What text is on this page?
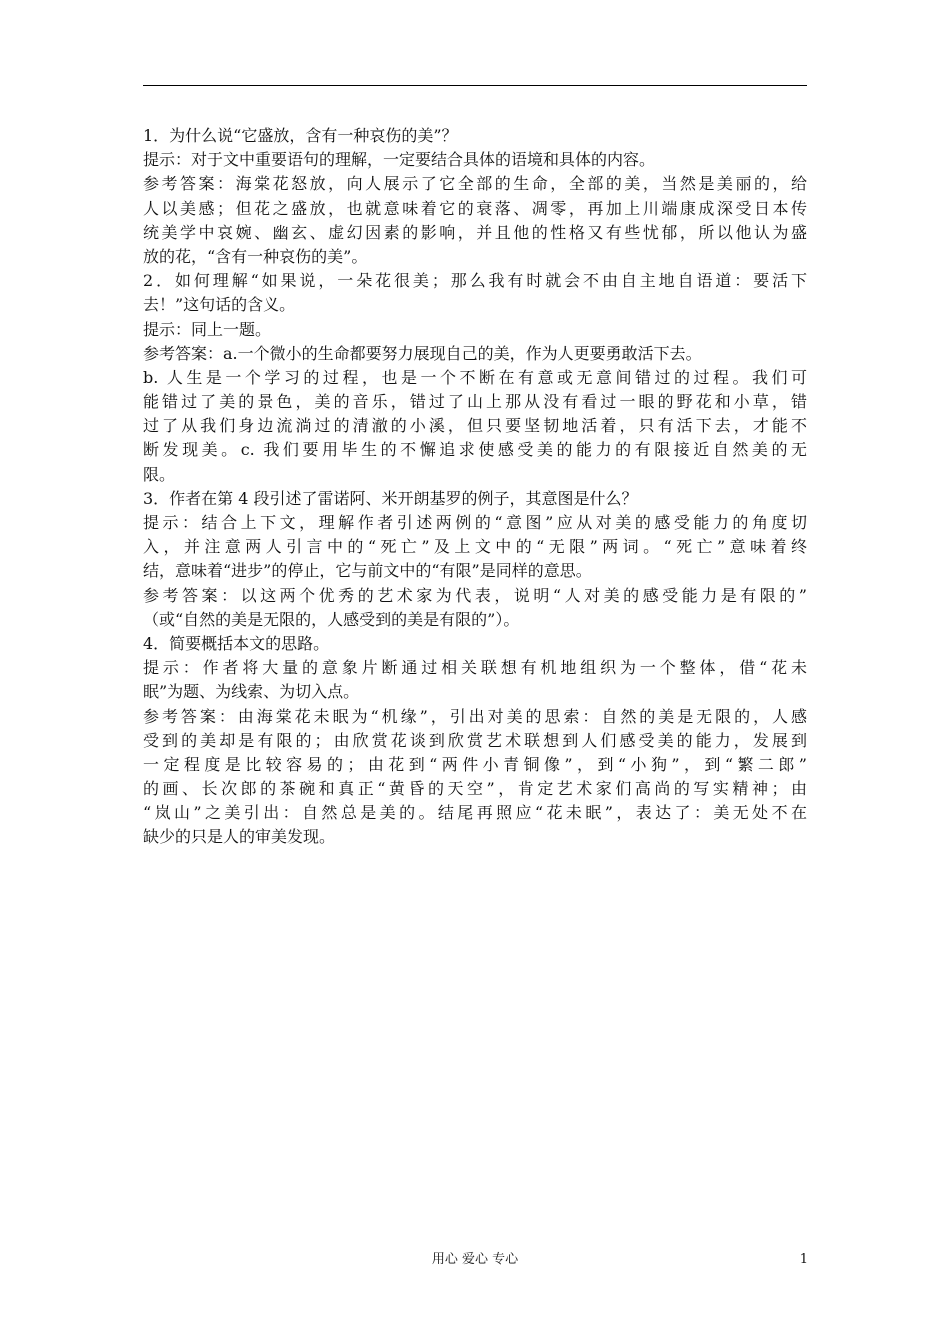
1．为什么说“它盛放，含有一种哀伤的美”？
提示：对于文中重要语句的理解，一定要结合具体的语境和具体的内容。
参考答案：海棠花怒放，向人展示了它全部的生命，全部的美，当然是美丽的，给
人以美感；但花之盛放，也就意味着它的衰落、凋零，再加上川端康成深受日本传
统美学中哀婉、幽玄、虚幻因素的影响，并且他的性格又有些忧郁，所以他认为盛
放的花，“含有一种哀伤的美”。
2．如何理解“如果说，一朵花很美；那么我有时就会不由自主地自语道：要活下
去！”这句话的含义。
提示：同上一题。
参考答案：a.一个微小的生命都要努力展现自己的美，作为人更要勇敢活下去。
b. 人生是一个学习的过程，也是一个不断在有意或无意间错过的过程。我们可
能错过了美的景色，美的音乐，错过了山上那从没有看过一眼的野花和小草，错
过了从我们身边流淌过的清澈的小溪，但只要坚韧地活着，只有活下去，才能不
断发现美。c. 我们要用毕生的不懈追求使感受美的能力的有限接近自然美的无
限。
3．作者在第 4 段引述了雷诺阿、米开朗基罗的例子，其意图是什么？
提示：结合上下文，理解作者引述两例的“意图”应从对美的感受能力的角度切
入，并注意两人引言中的“死亡”及上文中的“无限”两词。“死亡”意味着终
结，意味着“进步”的停止，它与前文中的“有限”是同样的意思。
参考答案：以这两个优秀的艺术家为代表，说明“人对美的感受能力是有限的”
（或“自然的美是无限的，人感受到的美是有限的”）。
4．简要概括本文的思路。
提示：作者将大量的意象片断通过相关联想有机地组织为一个整体，借“花未
眠”为题、为线索、为切入点。
参考答案：由海棠花未眠为“机缘”，引出对美的思索：自然的美是无限的，人感
受到的美却是有限的；由欣赏花谈到欣赏艺术联想到人们感受美的能力，发展到
一定程度是比较容易的；由花到“两件小青铜像”，到“小狗”，到“繁二郎”
的画、长次郎的茶碗和真正“黄昏的天空”，肯定艺术家们高尚的写实精神；由
“岚山”之美引出：自然总是美的。结尾再照应“花未眠”，表达了：美无处不在
缺少的只是人的审美发现。
用心 爱心 专心	1
